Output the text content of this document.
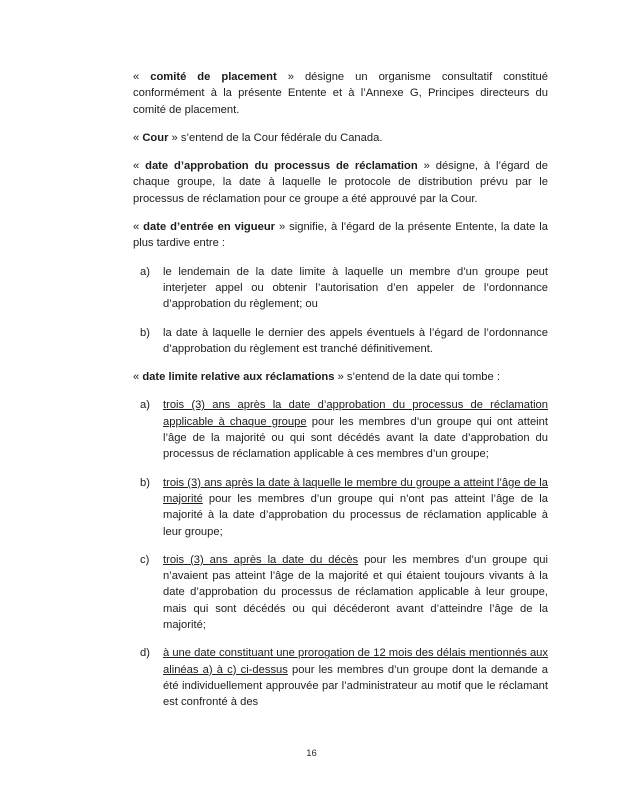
« comité de placement » désigne un organisme consultatif constitué conformément à la présente Entente et à l’Annexe G, Principes directeurs du comité de placement.

« Cour » s’entend de la Cour fédérale du Canada.

« date d’approbation du processus de réclamation » désigne, à l’égard de chaque groupe, la date à laquelle le protocole de distribution prévu par le processus de réclamation pour ce groupe a été approuvé par la Cour.

« date d’entrée en vigueur » signifie, à l’égard de la présente Entente, la date la plus tardive entre :

a) le lendemain de la date limite à laquelle un membre d’un groupe peut interjeter appel ou obtenir l’autorisation d’en appeler de l’ordonnance d’approbation du règlement; ou
b) la date à laquelle le dernier des appels éventuels à l’égard de l’ordonnance d’approbation du règlement est tranché définitivement.

« date limite relative aux réclamations » s’entend de la date qui tombe :

a) trois (3) ans après la date d’approbation du processus de réclamation applicable à chaque groupe pour les membres d’un groupe qui ont atteint l’âge de la majorité ou qui sont décédés avant la date d’approbation du processus de réclamation applicable à ces membres d’un groupe;
b) trois (3) ans après la date à laquelle le membre du groupe a atteint l’âge de la majorité pour les membres d’un groupe qui n’ont pas atteint l’âge de la majorité à la date d’approbation du processus de réclamation applicable à leur groupe;
c) trois (3) ans après la date du décès pour les membres d’un groupe qui n’avaient pas atteint l’âge de la majorité et qui étaient toujours vivants à la date d’approbation du processus de réclamation applicable à leur groupe, mais qui sont décédés ou qui décéderont avant d’atteindre l’âge de la majorité;
d) à une date constituant une prorogation de 12 mois des délais mentionnés aux alinéas a) à c) ci-dessus pour les membres d’un groupe dont la demande a été individuellement approuvée par l’administrateur au motif que le réclamant est confronté à des
16
